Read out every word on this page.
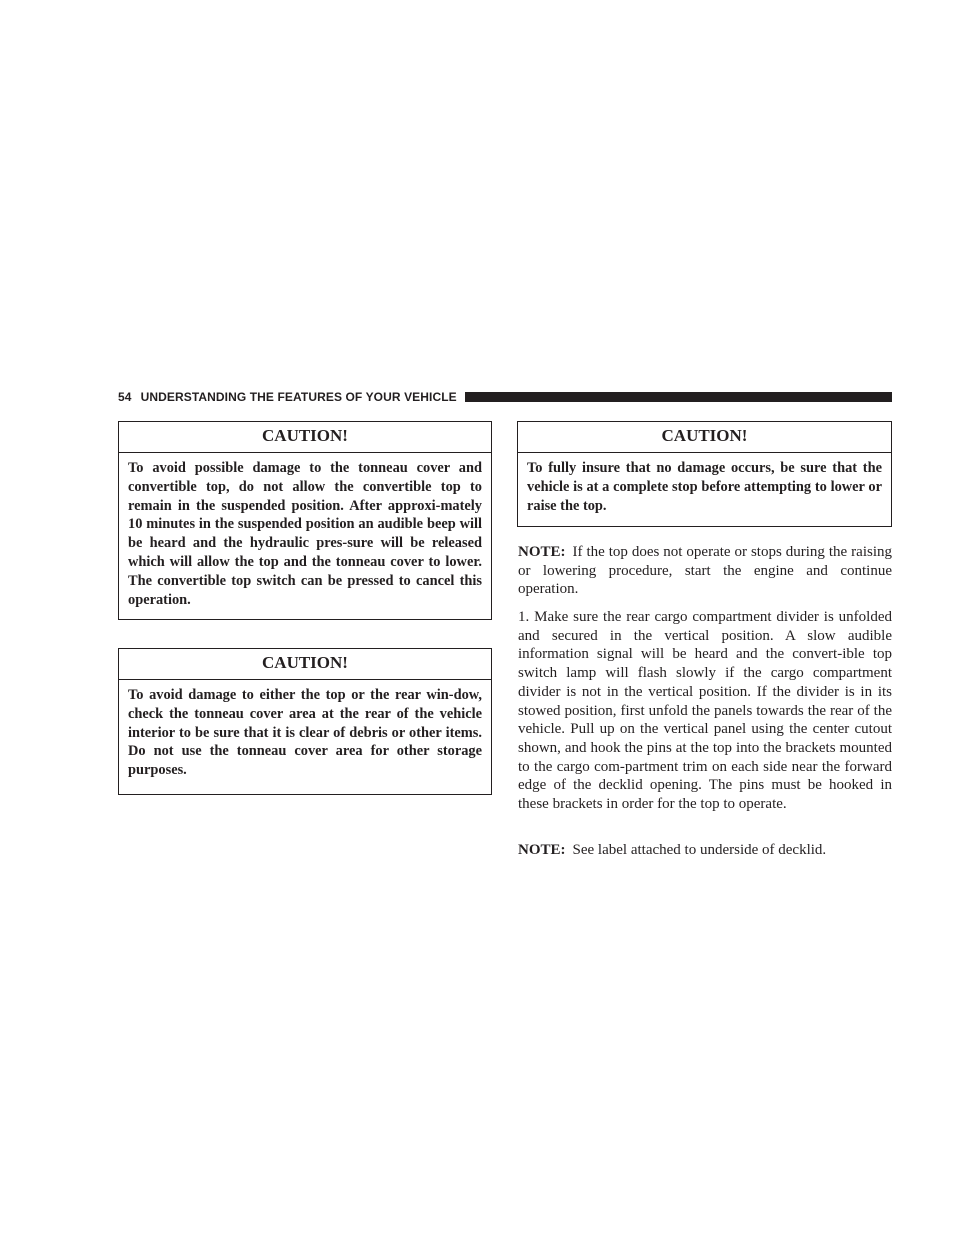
54 UNDERSTANDING THE FEATURES OF YOUR VEHICLE
CAUTION!
To avoid possible damage to the tonneau cover and convertible top, do not allow the convertible top to remain in the suspended position. After approxi-mately 10 minutes in the suspended position an audible beep will be heard and the hydraulic pres-sure will be released which will allow the top and the tonneau cover to lower. The convertible top switch can be pressed to cancel this operation.
CAUTION!
To avoid damage to either the top or the rear win-dow, check the tonneau cover area at the rear of the vehicle interior to be sure that it is clear of debris or other items. Do not use the tonneau cover area for other storage purposes.
CAUTION!
To fully insure that no damage occurs, be sure that the vehicle is at a complete stop before attempting to lower or raise the top.

NOTE: If the top does not operate or stops during the raising or lowering procedure, start the engine and continue operation.

1. Make sure the rear cargo compartment divider is unfolded and secured in the vertical position. A slow audible information signal will be heard and the convert-ible top switch lamp will flash slowly if the cargo compartment divider is not in the vertical position. If the divider is in its stowed position, first unfold the panels towards the rear of the vehicle. Pull up on the vertical panel using the center cutout shown, and hook the pins at the top into the brackets mounted to the cargo com-partment trim on each side near the forward edge of the decklid opening. The pins must be hooked in these brackets in order for the top to operate.

NOTE: See label attached to underside of decklid.
